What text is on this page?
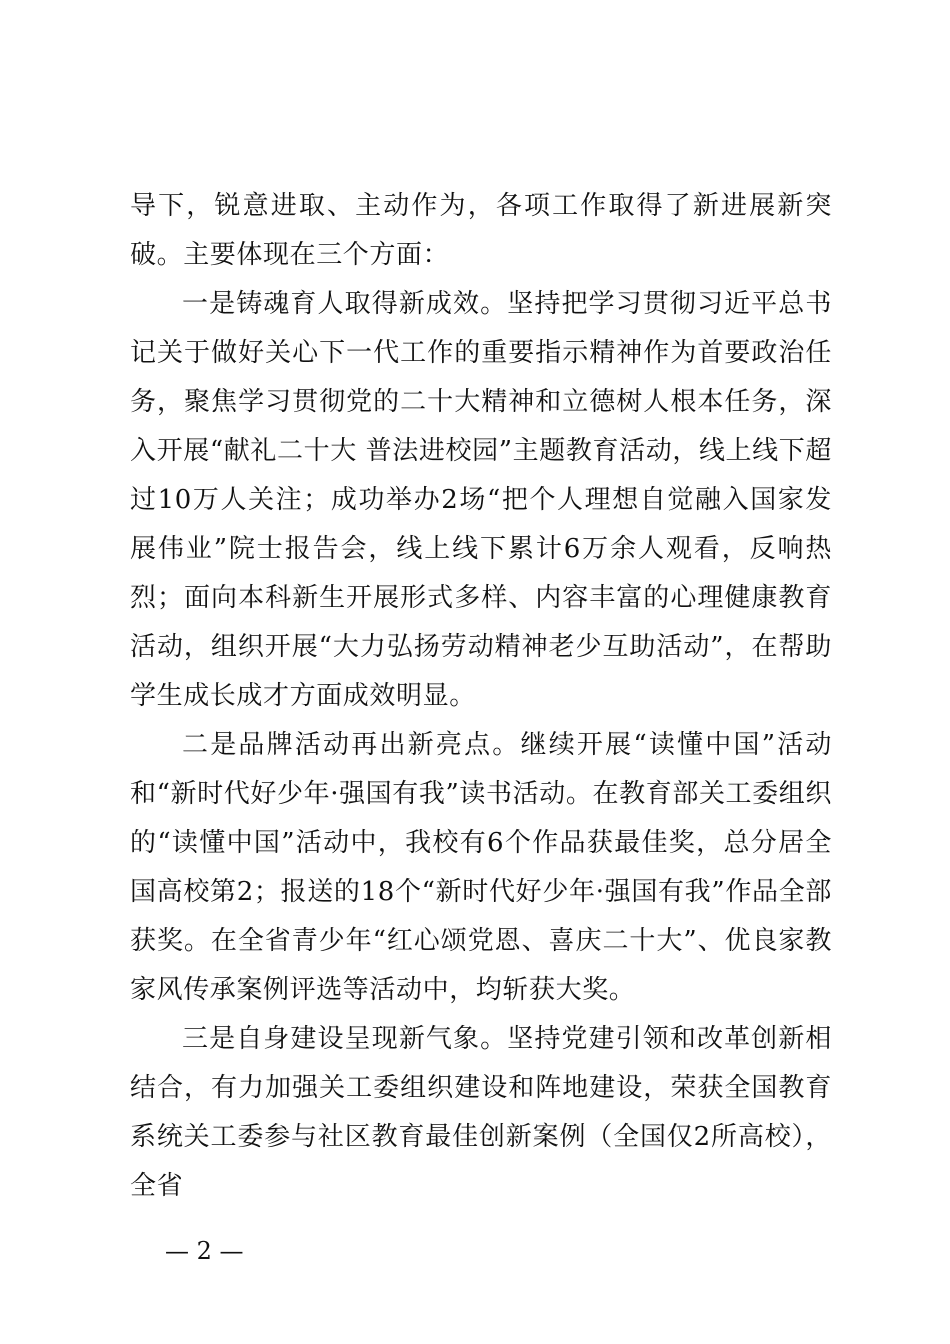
导下，锐意进取、主动作为，各项工作取得了新进展新突破。主要体现在三个方面：

一是铸魂育人取得新成效。坚持把学习贯彻习近平总书记关于做好关心下一代工作的重要指示精神作为首要政治任务，聚焦学习贯彻党的二十大精神和立德树人根本任务，深入开展“献礼二十大 普法进校园”主题教育活动，线上线下超过10万人关注；成功举办2场“把个人理想自觉融入国家发展伟业”院士报告会，线上线下累计6万余人观看，反响热烈；面向本科新生开展形式多样、内容丰富的心理健康教育活动，组织开展“大力弘扬劳动精神老少互助活动”，在帮助学生成长成才方面成效明显。

二是品牌活动再出新亮点。继续开展“读懂中国”活动和“新时代好少年·强国有我”读书活动。在教育部关工委组织的“读懂中国”活动中，我校有6个作品获最佳奖，总分居全国高校第2；报送的18个“新时代好少年·强国有我”作品全部获奖。在全省青少年“红心颂党恩、喜庆二十大”、优良家教家风传承案例评选等活动中，均斩获大奖。

三是自身建设呈现新气象。坚持党建引领和改革创新相结合，有力加强关工委组织建设和阵地建设，荣获全国教育系统关工委参与社区教育最佳创新案例（全国仅2所高校），全省

— 2 —
